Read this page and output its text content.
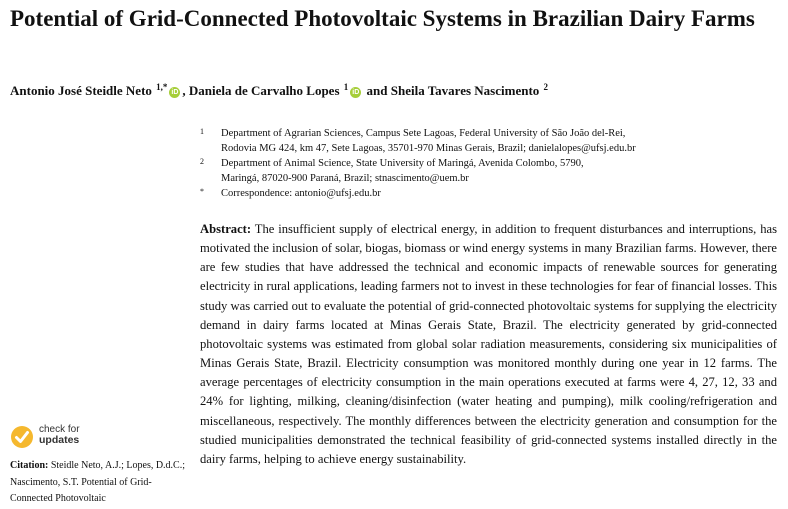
Potential of Grid-Connected Photovoltaic Systems in Brazilian Dairy Farms
Antonio José Steidle Neto $^{1,*}$iD , Daniela de Carvalho Lopes $^1$iD and Sheila Tavares Nascimento $^2$
1 Department of Agrarian Sciences, Campus Sete Lagoas, Federal University of São João del-Rei,
Rodovia MG 424, km 47, Sete Lagoas, 35701-970 Minas Gerais, Brazil; danielalopes@ufsj.edu.br
2 Department of Animal Science, State University of Maringá, Avenida Colombo, 5790,
Maringá, 87020-900 Paraná, Brazil; stnascimento@uem.br
* Correspondence: antonio@ufsj.edu.br

Abstract: The insufficient supply of electrical energy, in addition to frequent disturbances and interruptions, has motivated the inclusion of solar, biogas, biomass or wind energy systems in many Brazilian farms. However, there are few studies that have addressed the technical and economic impacts of renewable sources for generating electricity in rural applications, leading farmers not to invest in these technologies for fear of financial losses. This study was carried out to evaluate the potential of grid-connected photovoltaic systems for supplying the electricity demand in dairy farms located at Minas Gerais State, Brazil. The electricity generated by grid-connected photovoltaic systems was estimated from global solar radiation measurements, considering six municipalities of Minas Gerais State, Brazil. Electricity consumption was monitored monthly during one year in 12 farms. The average percentages of electricity consumption in the main operations executed at farms were 4, 27, 12, 33 and 24% for lighting, milking, cleaning/disinfection (water heating and pumping), milk cooling/refrigeration and miscellaneous, respectively. The monthly differences between the electricity generation and consumption for the studied municipalities demonstrated the technical feasibility of grid-connected systems installed directly in the dairy farms, helping to achieve energy sustainability.

check for
updates

Citation: Steidle Neto, A.J.; Lopes, D.d.C.; Nascimento, S.T. Potential of Grid-Connected Photovoltaic
